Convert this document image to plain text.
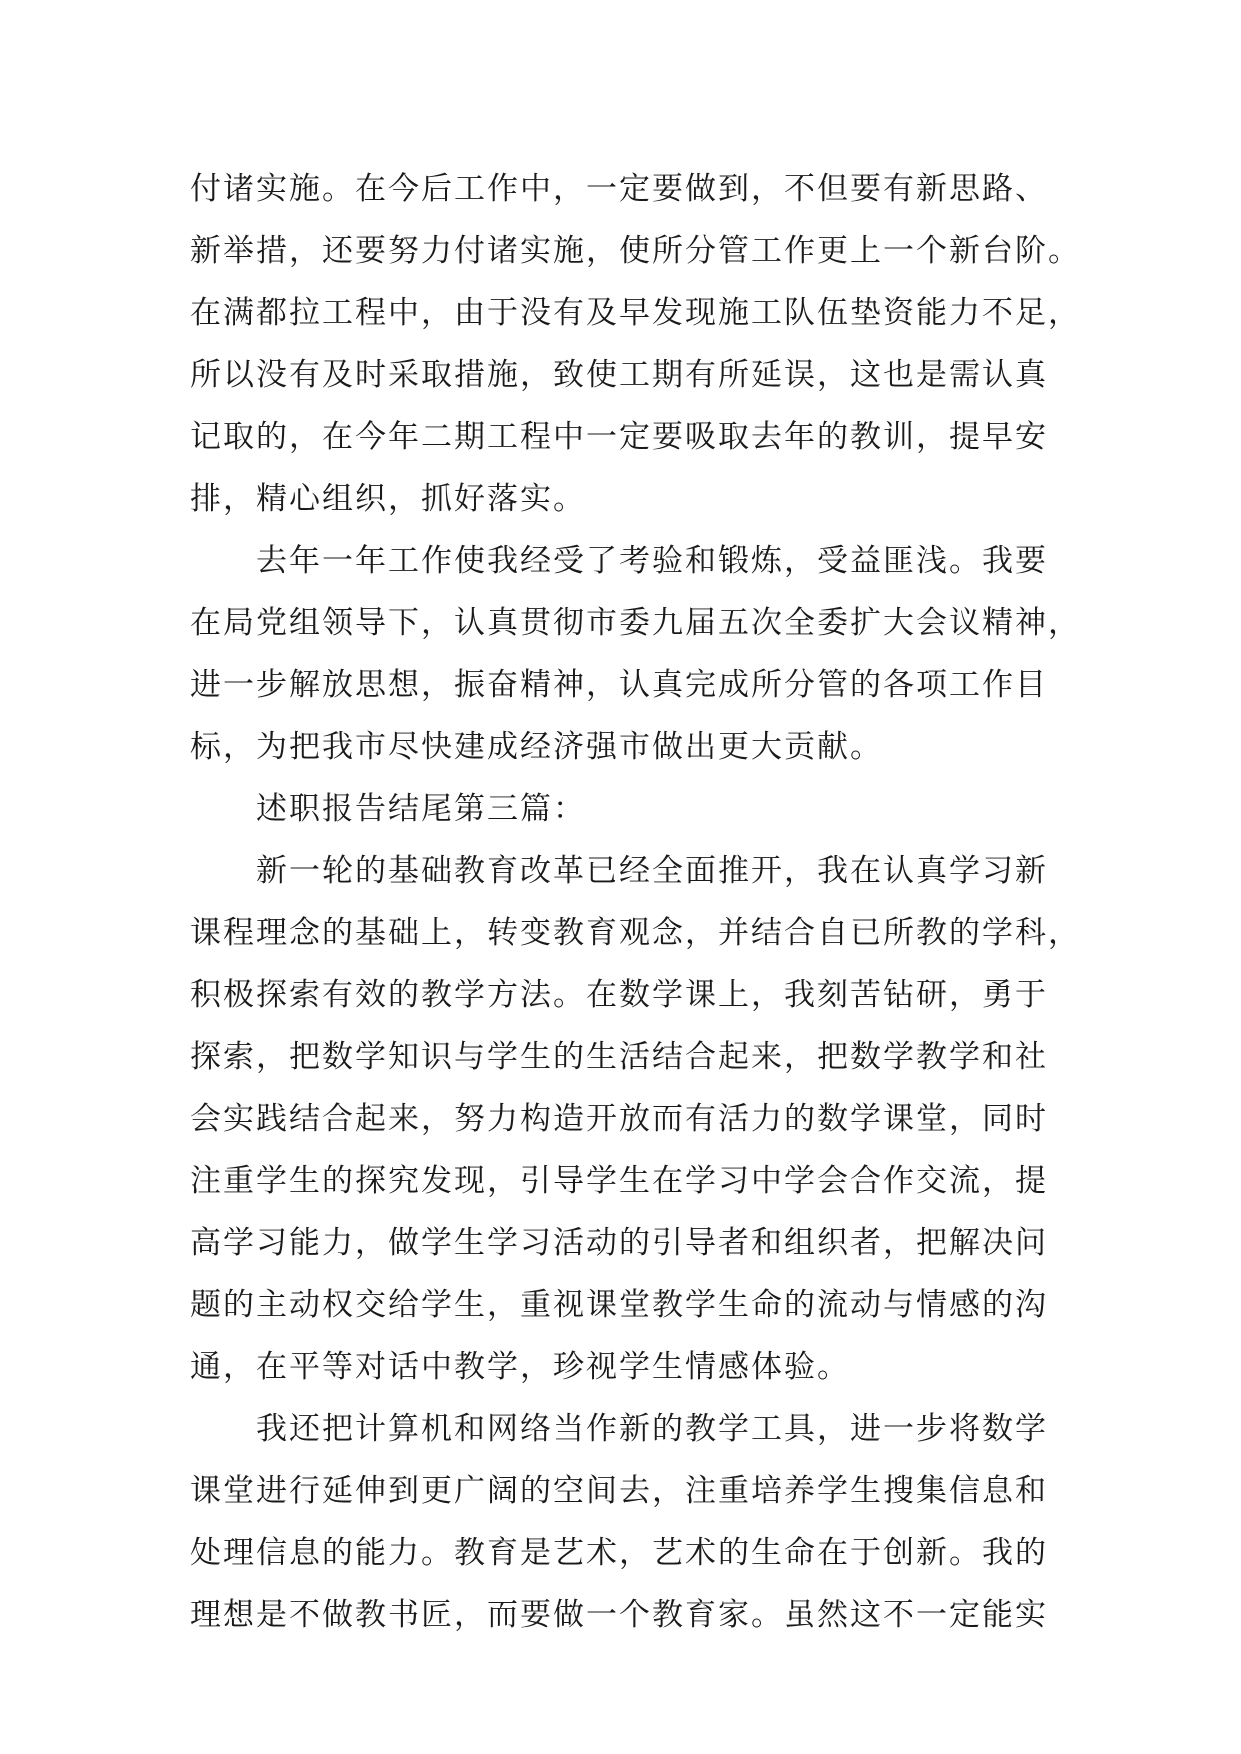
付诸实施。在今后工作中，一定要做到，不但要有新思路、
新举措，还要努力付诸实施，使所分管工作更上一个新台阶。
在满都拉工程中，由于没有及早发现施工队伍垫资能力不足，
所以没有及时采取措施，致使工期有所延误，这也是需认真
记取的，在今年二期工程中一定要吸取去年的教训，提早安
排，精心组织，抓好落实。
去年一年工作使我经受了考验和锻炼，受益匪浅。我要
在局党组领导下，认真贯彻市委九届五次全委扩大会议精神，
进一步解放思想，振奋精神，认真完成所分管的各项工作目
标，为把我市尽快建成经济强市做出更大贡献。
述职报告结尾第三篇：
新一轮的基础教育改革已经全面推开，我在认真学习新
课程理念的基础上，转变教育观念，并结合自已所教的学科，
积极探索有效的教学方法。在数学课上，我刻苦钻研，勇于
探索，把数学知识与学生的生活结合起来，把数学教学和社
会实践结合起来，努力构造开放而有活力的数学课堂，同时
注重学生的探究发现，引导学生在学习中学会合作交流，提
高学习能力，做学生学习活动的引导者和组织者，把解决问
题的主动权交给学生，重视课堂教学生命的流动与情感的沟
通，在平等对话中教学，珍视学生情感体验。
我还把计算机和网络当作新的教学工具，进一步将数学
课堂进行延伸到更广阔的空间去，注重培养学生搜集信息和
处理信息的能力。教育是艺术，艺术的生命在于创新。我的
理想是不做教书匠，而要做一个教育家。虽然这不一定能实
